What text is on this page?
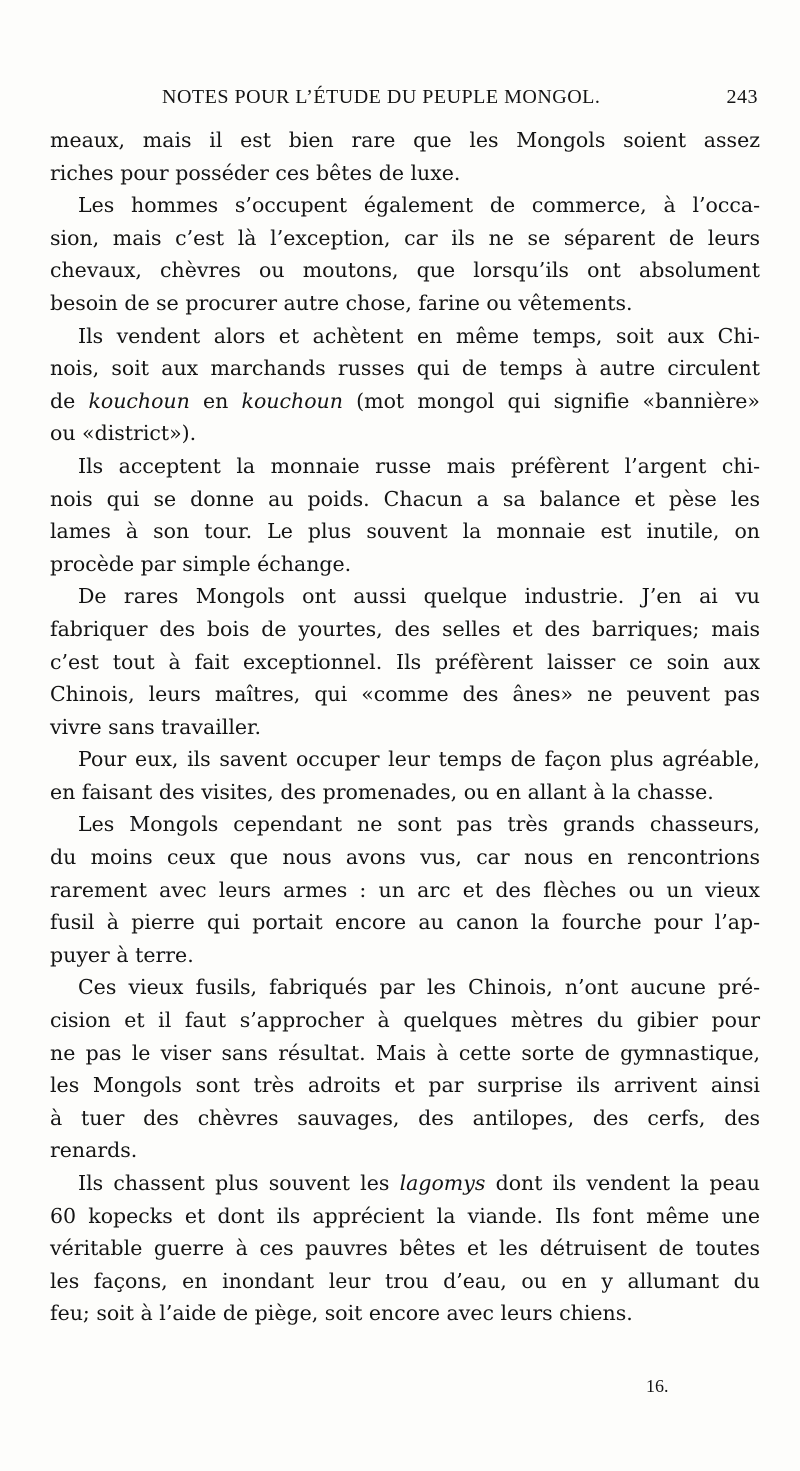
NOTES POUR L’ÉTUDE DU PEUPLE MONGOL.	243
meaux, mais il est bien rare que les Mongols soient assez
riches pour posséder ces bêtes de luxe.
Les hommes s’occupent également de commerce, à l’occa-
sion, mais c’est là l’exception, car ils ne se séparent de leurs
chevaux, chèvres ou moutons, que lorsqu’ils ont absolument
besoin de se procurer autre chose, farine ou vêtements.
Ils vendent alors et achètent en même temps, soit aux Chi-
nois, soit aux marchands russes qui de temps à autre circulent
de kouchoun en kouchoun (mot mongol qui signifie «bannière»
ou «district»).
Ils acceptent la monnaie russe mais préfèrent l’argent chi-
nois qui se donne au poids. Chacun a sa balance et pèse les
lames à son tour. Le plus souvent la monnaie est inutile, on
procède par simple échange.
De rares Mongols ont aussi quelque industrie. J’en ai vu
fabriquer des bois de yourtes, des selles et des barriques; mais
c’est tout à fait exceptionnel. Ils préfèrent laisser ce soin aux
Chinois, leurs maîtres, qui «comme des ânes» ne peuvent pas
vivre sans travailler.
Pour eux, ils savent occuper leur temps de façon plus agréable,
en faisant des visites, des promenades, ou en allant à la chasse.
Les Mongols cependant ne sont pas très grands chasseurs,
du moins ceux que nous avons vus, car nous en rencontrions
rarement avec leurs armes : un arc et des flèches ou un vieux
fusil à pierre qui portait encore au canon la fourche pour l’ap-
puyer à terre.
Ces vieux fusils, fabriqués par les Chinois, n’ont aucune pré-
cision et il faut s’approcher à quelques mètres du gibier pour
ne pas le viser sans résultat. Mais à cette sorte de gymnastique,
les Mongols sont très adroits et par surprise ils arrivent ainsi
à tuer des chèvres sauvages, des antilopes, des cerfs, des
renards.
Ils chassent plus souvent les lagomys dont ils vendent la peau
60 kopecks et dont ils apprécient la viande. Ils font même une
véritable guerre à ces pauvres bêtes et les détruisent de toutes
les façons, en inondant leur trou d’eau, ou en y allumant du
feu; soit à l’aide de piège, soit encore avec leurs chiens.
16.
